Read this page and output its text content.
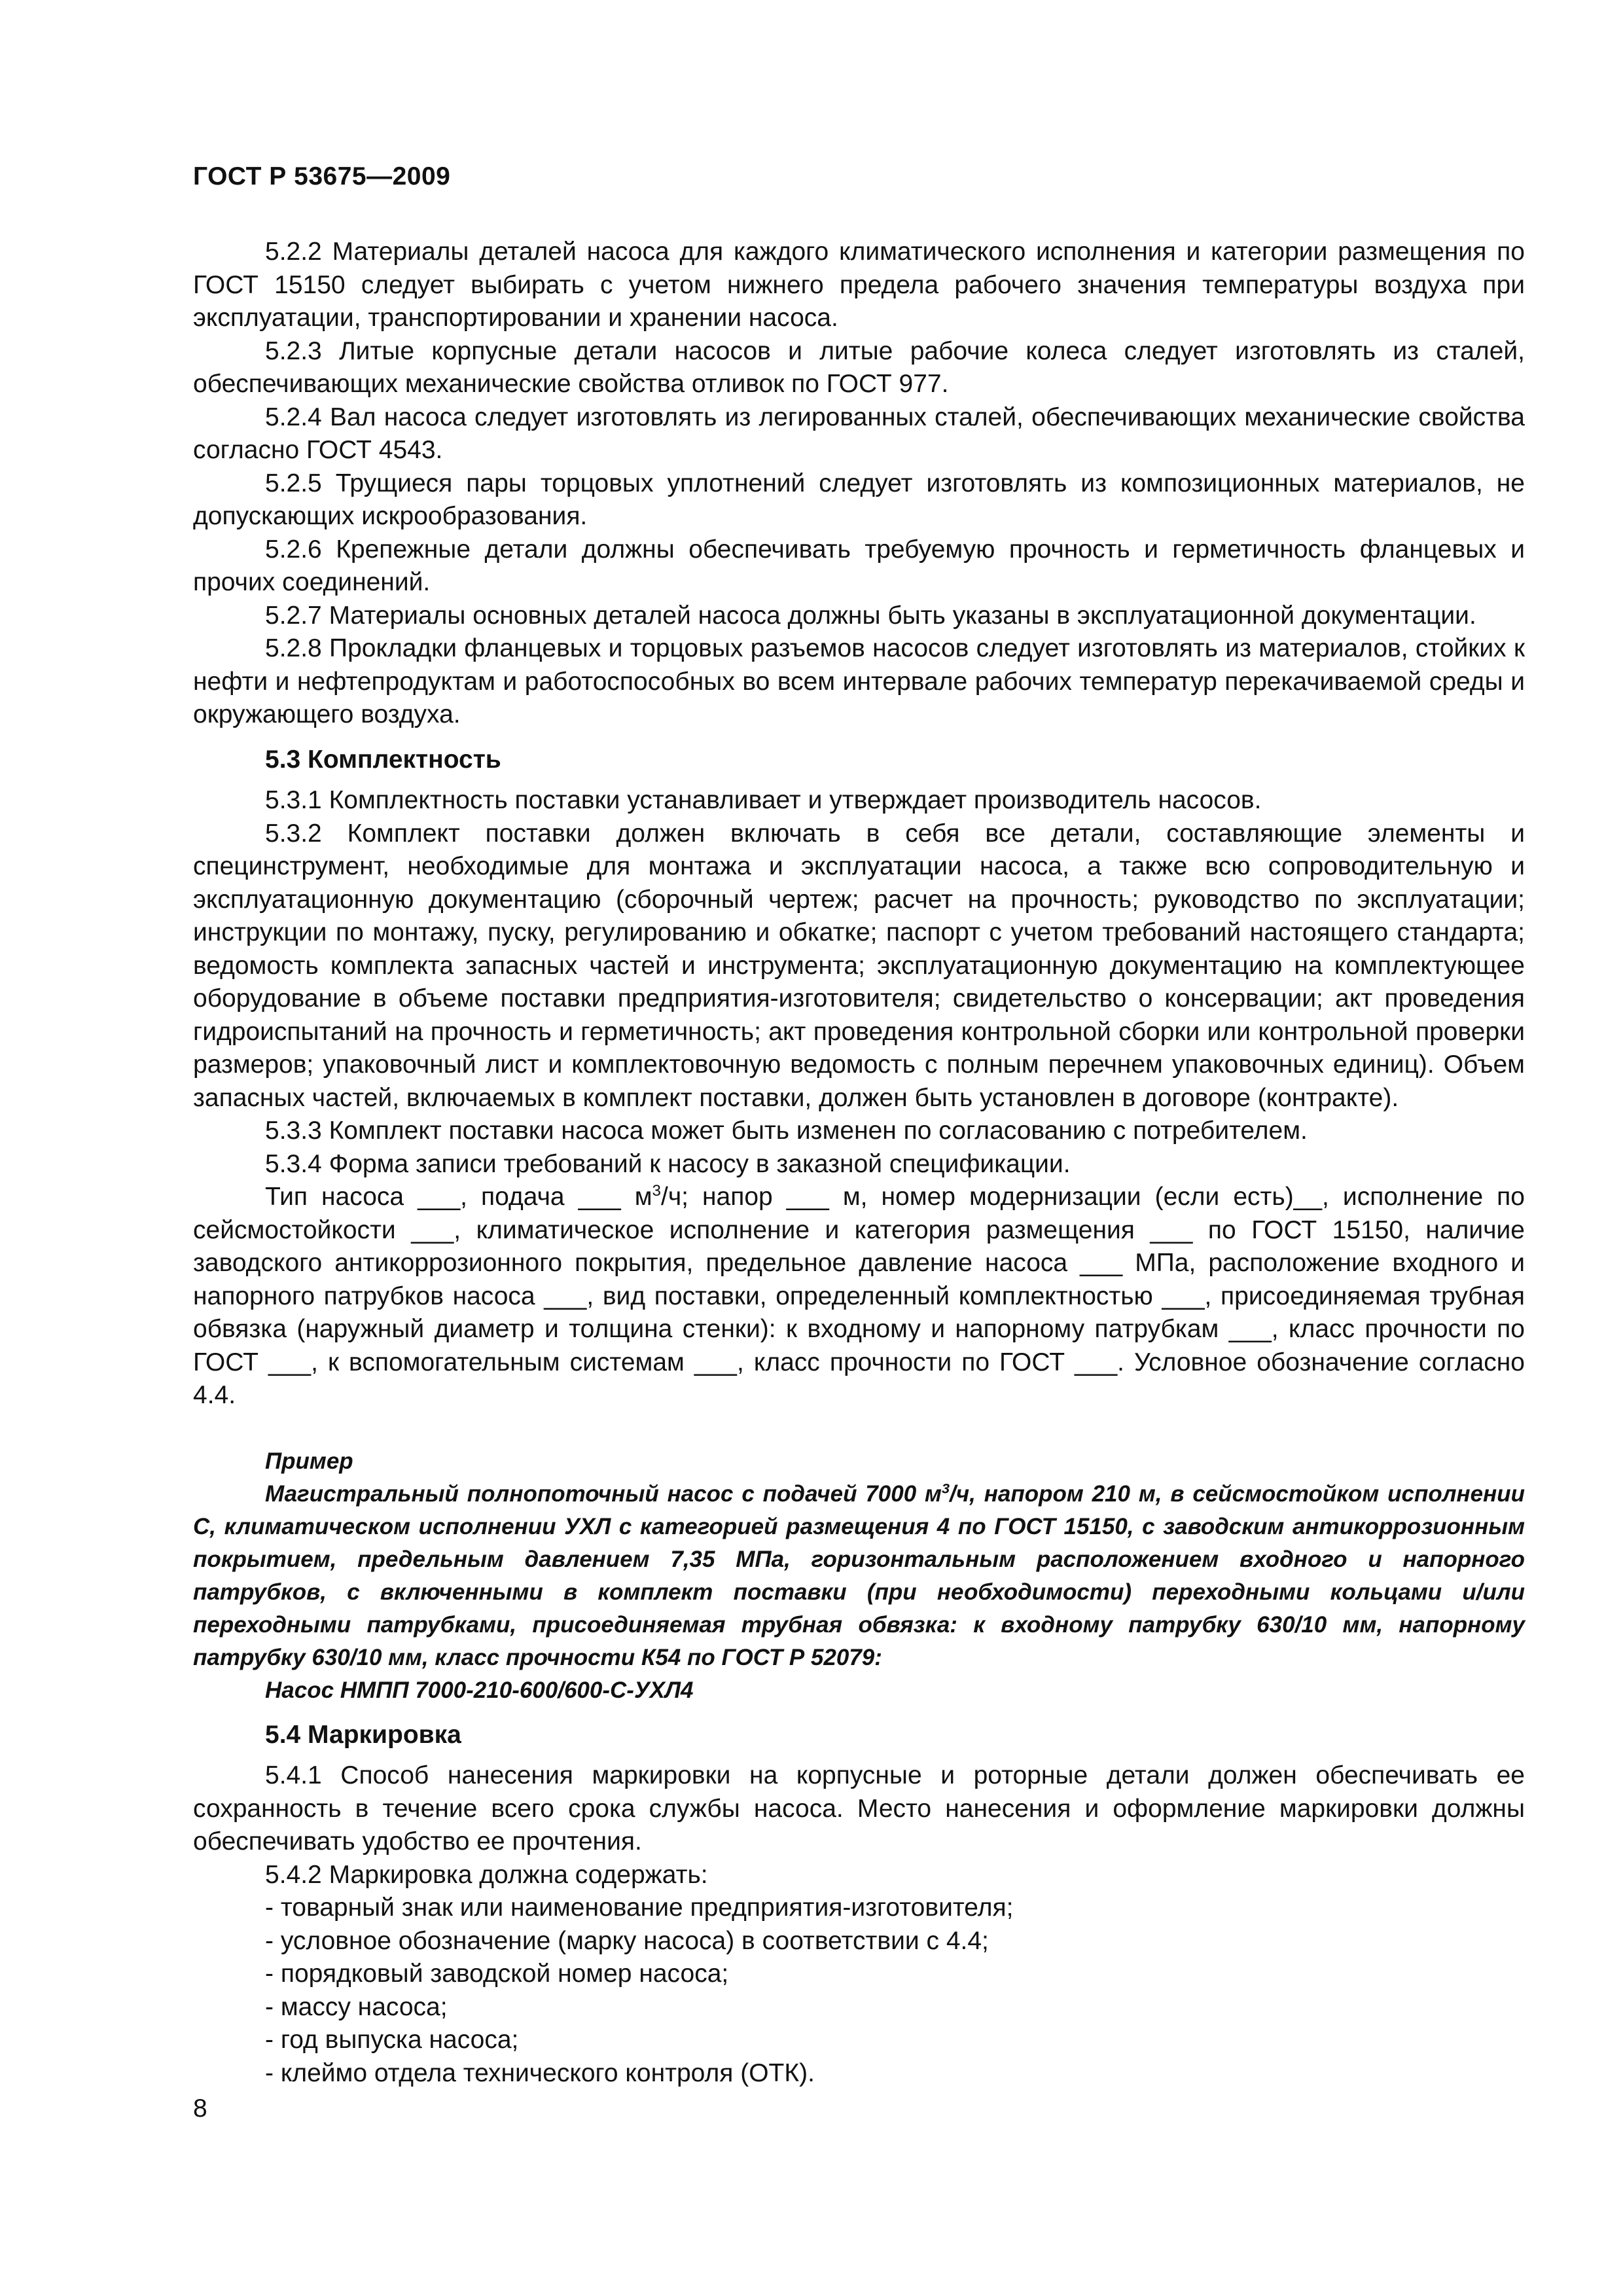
ГОСТ Р 53675—2009

5.2.2 Материалы деталей насоса для каждого климатического исполнения и категории размещения по ГОСТ 15150 следует выбирать с учетом нижнего предела рабочего значения температуры воздуха при эксплуатации, транспортировании и хранении насоса.

5.2.3 Литые корпусные детали насосов и литые рабочие колеса следует изготовлять из сталей, обеспечивающих механические свойства отливок по ГОСТ 977.

5.2.4 Вал насоса следует изготовлять из легированных сталей, обеспечивающих механические свойства согласно ГОСТ 4543.

5.2.5 Трущиеся пары торцовых уплотнений следует изготовлять из композиционных материалов, не допускающих искрообразования.

5.2.6 Крепежные детали должны обеспечивать требуемую прочность и герметичность фланцевых и прочих соединений.

5.2.7 Материалы основных деталей насоса должны быть указаны в эксплуатационной документации.

5.2.8 Прокладки фланцевых и торцовых разъемов насосов следует изготовлять из материалов, стойких к нефти и нефтепродуктам и работоспособных во всем интервале рабочих температур перекачиваемой среды и окружающего воздуха.

5.3 Комплектность

5.3.1 Комплектность поставки устанавливает и утверждает производитель насосов.

5.3.2 Комплект поставки должен включать в себя все детали, составляющие элементы и специнструмент, необходимые для монтажа и эксплуатации насоса, а также всю сопроводительную и эксплуатационную документацию (сборочный чертеж; расчет на прочность; руководство по эксплуатации; инструкции по монтажу, пуску, регулированию и обкатке; паспорт с учетом требований настоящего стандарта; ведомость комплекта запасных частей и инструмента; эксплуатационную документацию на комплектующее оборудование в объеме поставки предприятия-изготовителя; свидетельство о консервации; акт проведения гидроиспытаний на прочность и герметичность; акт проведения контрольной сборки или контрольной проверки размеров; упаковочный лист и комплектовочную ведомость с полным перечнем упаковочных единиц). Объем запасных частей, включаемых в комплект поставки, должен быть установлен в договоре (контракте).

5.3.3 Комплект поставки насоса может быть изменен по согласованию с потребителем.

5.3.4 Форма записи требований к насосу в заказной спецификации.

Тип насоса ___, подача ___ $м^3/ч$; напор ___ м, номер модернизации (если есть)__, исполнение по сейсмостойкости ___, климатическое исполнение и категория размещения ___ по ГОСТ 15150, наличие заводского антикоррозионного покрытия, предельное давление насоса ___ МПа, расположение входного и напорного патрубков насоса ___, вид поставки, определенный комплектностью ___, присоединяемая трубная обвязка (наружный диаметр и толщина стенки): к входному и напорному патрубкам ___, класс прочности по ГОСТ ___, к вспомогательным системам ___, класс прочности по ГОСТ ___. Условное обозначение согласно 4.4.

Пример
Магистральный полнопоточный насос с подачей 7000 $м^3/ч$, напором 210 м, в сейсмостойком исполнении С, климатическом исполнении УХЛ с категорией размещения 4 по ГОСТ 15150, с заводским антикоррозионным покрытием, предельным давлением 7,35 МПа, горизонтальным расположением входного и напорного патрубков, с включенными в комплект поставки (при необходимости) переходными кольцами и/или переходными патрубками, присоединяемая трубная обвязка: к входному патрубку 630/10 мм, напорному патрубку 630/10 мм, класс прочности К54 по ГОСТ Р 52079:
Насос НМПП 7000-210-600/600-С-УХЛ4
5.4 Маркировка

5.4.1 Способ нанесения маркировки на корпусные и роторные детали должен обеспечивать ее сохранность в течение всего срока службы насоса. Место нанесения и оформление маркировки должны обеспечивать удобство ее прочтения.

5.4.2 Маркировка должна содержать:

- товарный знак или наименование предприятия-изготовителя;
- условное обозначение (марку насоса) в соответствии с 4.4;
- порядковый заводской номер насоса;
- массу насоса;
- год выпуска насоса;
- клеймо отдела технического контроля (ОТК).
8
